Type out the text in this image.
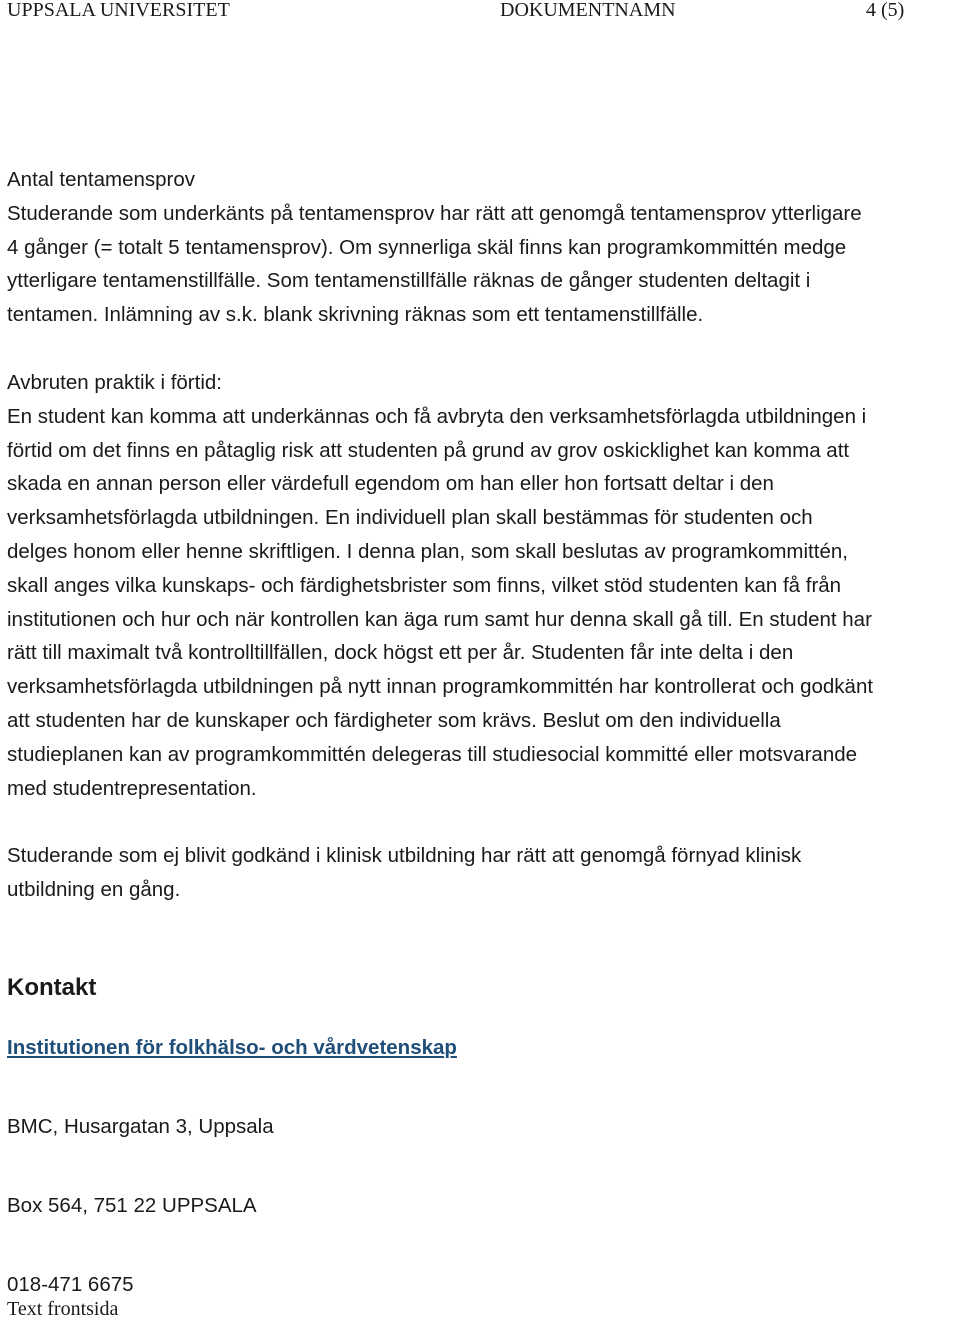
UPPSALA UNIVERSITET	DOKUMENTNAMN	4 (5)
Antal tentamensprov
Studerande som underkänts på tentamensprov har rätt att genomgå tentamensprov ytterligare
4 gånger (= totalt 5 tentamensprov). Om synnerliga skäl finns kan programkommittén medge
ytterligare tentamenstillfälle. Som tentamenstillfälle räknas de gånger studenten deltagit i
tentamen. Inlämning av s.k. blank skrivning räknas som ett tentamenstillfälle.
Avbruten praktik i förtid:
En student kan komma att underkännas och få avbryta den verksamhetsförlagda utbildningen i
förtid om det finns en påtaglig risk att studenten på grund av grov oskicklighet kan komma att
skada en annan person eller värdefull egendom om han eller hon fortsatt deltar i den
verksamhetsförlagda utbildningen. En individuell plan skall bestämmas för studenten och
delges honom eller henne skriftligen. I denna plan, som skall beslutas av programkommittén,
skall anges vilka kunskaps- och färdighetsbrister som finns, vilket stöd studenten kan få från
institutionen och hur och när kontrollen kan äga rum samt hur denna skall gå till. En student har
rätt till maximalt två kontrolltillfällen, dock högst ett per år. Studenten får inte delta i den
verksamhetsförlagda utbildningen på nytt innan programkommittén har kontrollerat och godkänt
att studenten har de kunskaper och färdigheter som krävs. Beslut om den individuella
studieplanen kan av programkommittén delegeras till studiesocial kommitté eller motsvarande
med studentrepresentation.
Studerande som ej blivit godkänd i klinisk utbildning har rätt att genomgå förnyad klinisk
utbildning en gång.
Kontakt
Institutionen för folkhälso- och vårdvetenskap

BMC, Husargatan 3, Uppsala

Box 564, 751 22 UPPSALA

018-471 6675

Text frontsida
